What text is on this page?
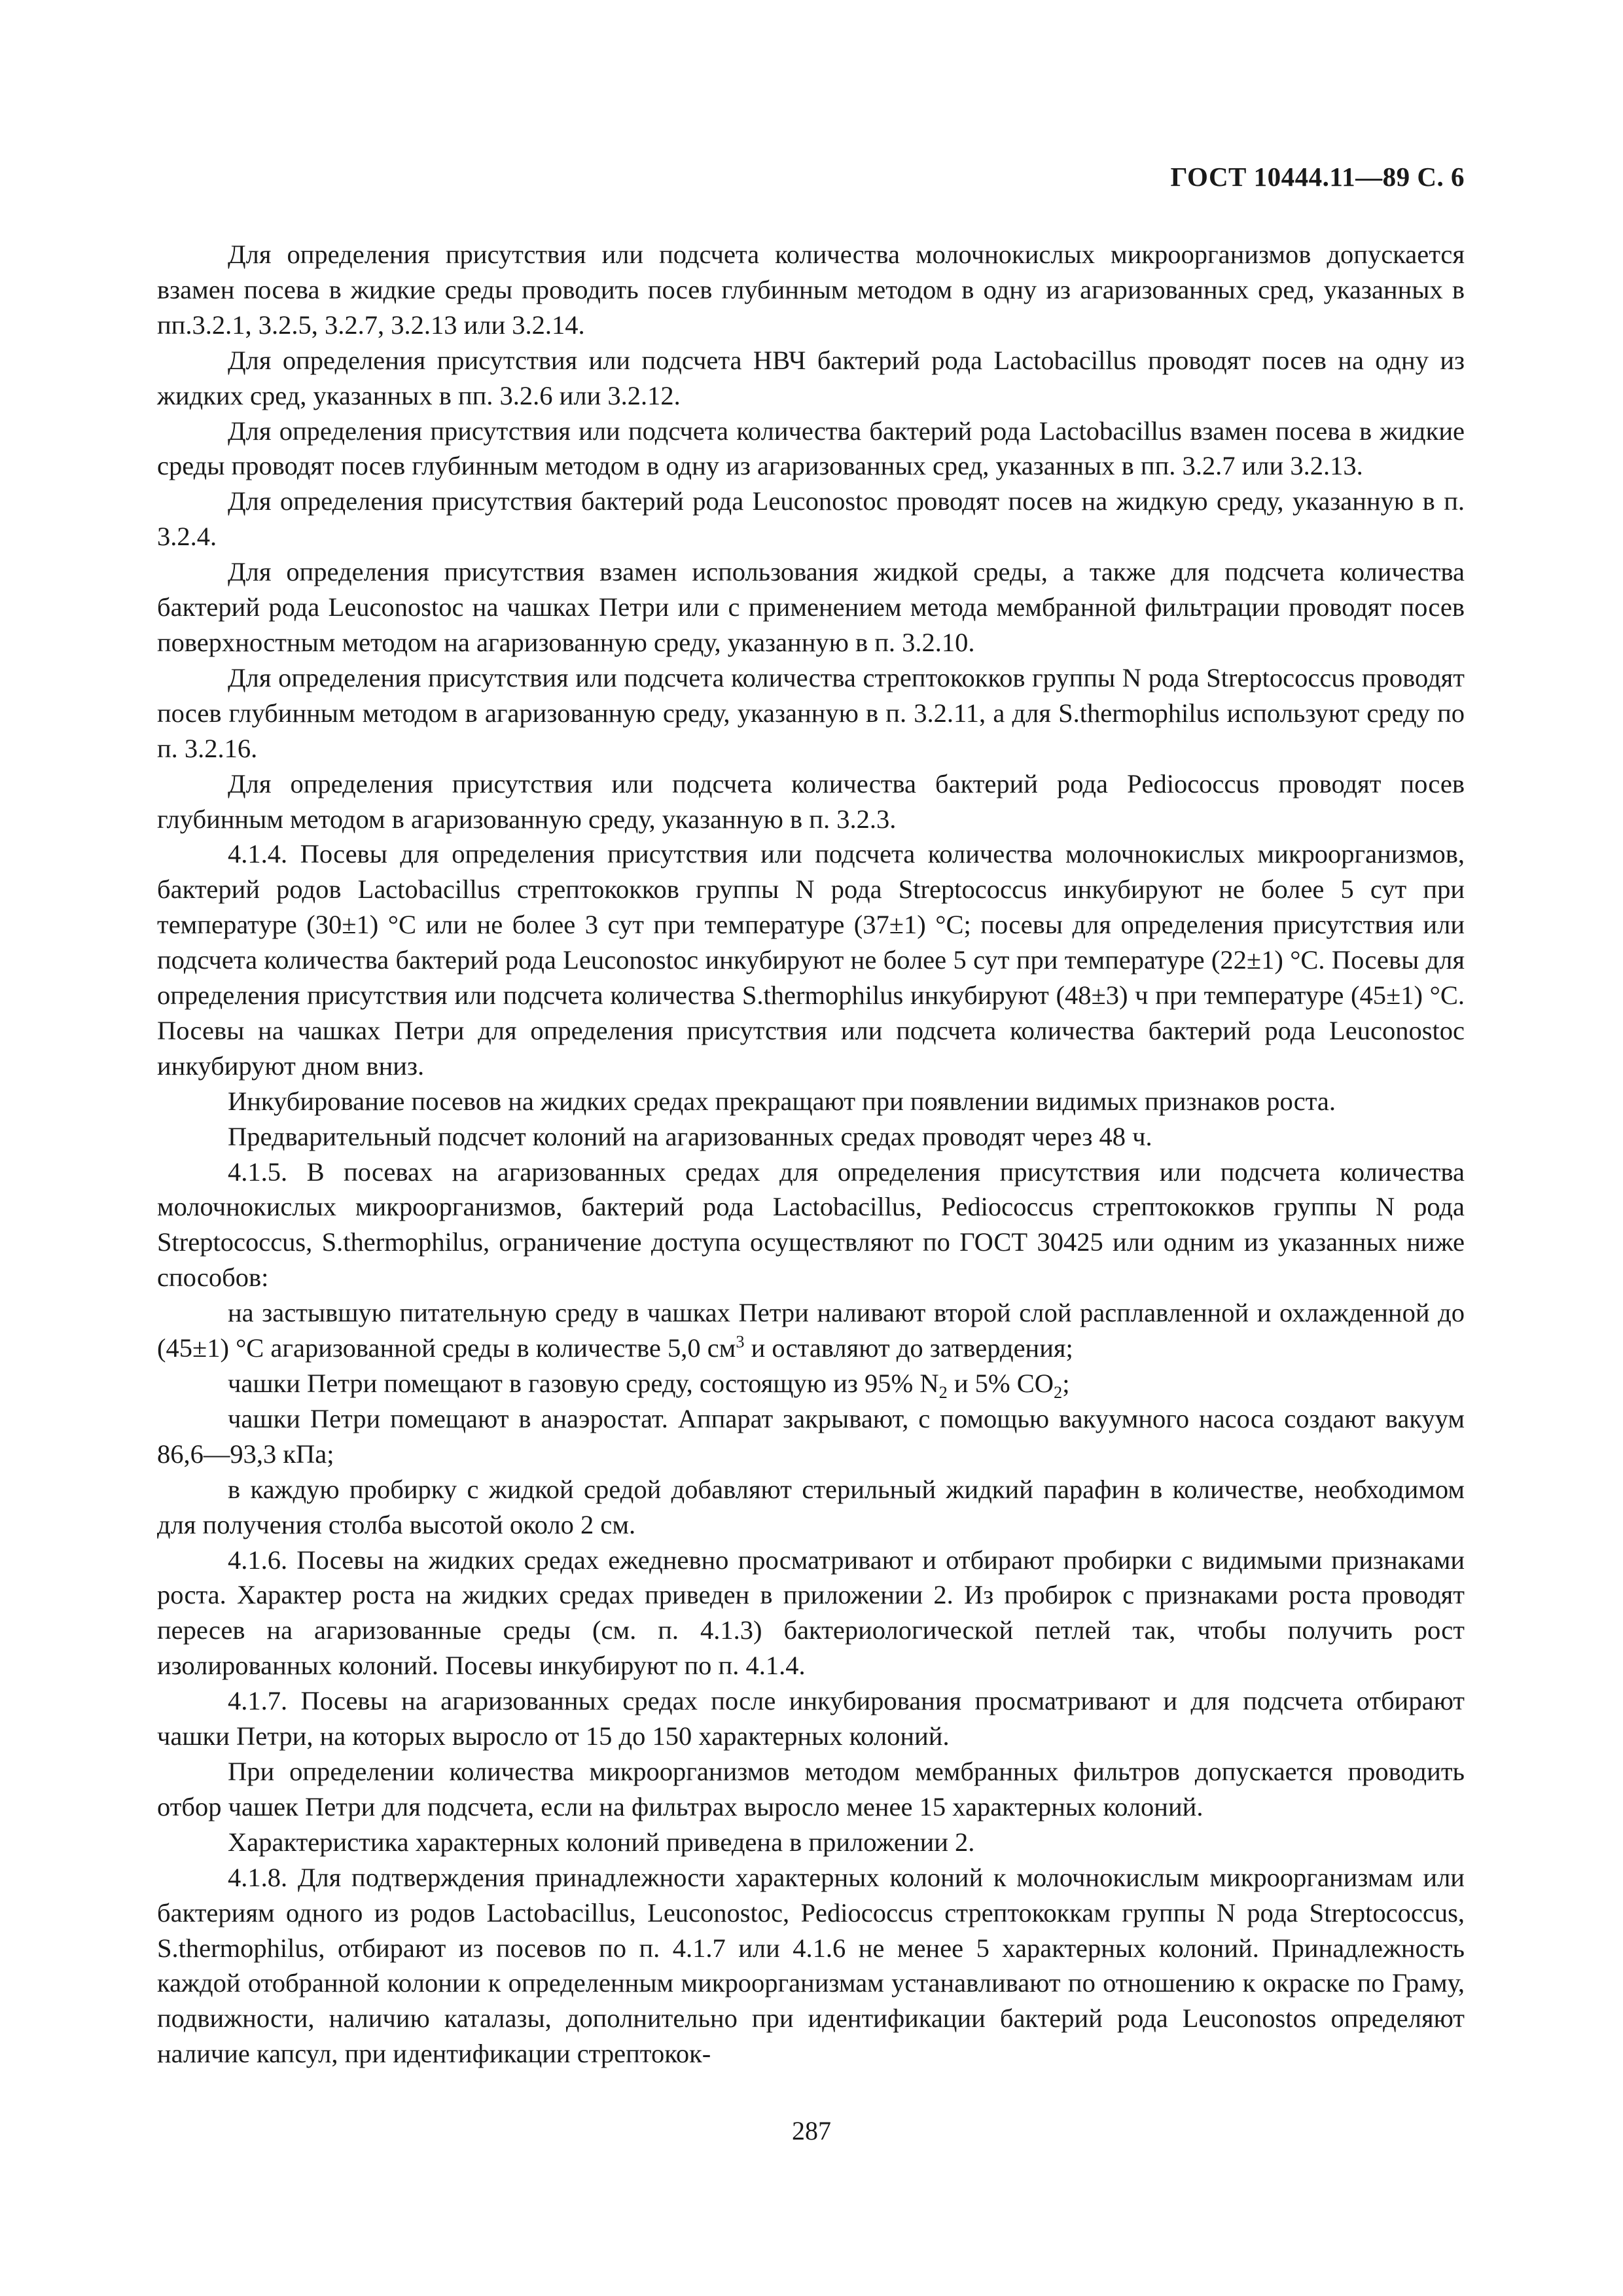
ГОСТ 10444.11—89 С. 6

Для определения присутствия или подсчета количества молочнокислых микроорганизмов допускается взамен посева в жидкие среды проводить посев глубинным методом в одну из агаризованных сред, указанных в пп.3.2.1, 3.2.5, 3.2.7, 3.2.13 или 3.2.14.

Для определения присутствия или подсчета НВЧ бактерий рода Lactobacillus проводят посев на одну из жидких сред, указанных в пп. 3.2.6 или 3.2.12.

Для определения присутствия или подсчета количества бактерий рода Lactobacillus взамен посева в жидкие среды проводят посев глубинным методом в одну из агаризованных сред, указанных в пп. 3.2.7 или 3.2.13.

Для определения присутствия бактерий рода Leuconostoc проводят посев на жидкую среду, указанную в п. 3.2.4.

Для определения присутствия взамен использования жидкой среды, а также для подсчета количества бактерий рода Leuconostoc на чашках Петри или с применением метода мембранной фильтрации проводят посев поверхностным методом на агаризованную среду, указанную в п. 3.2.10.

Для определения присутствия или подсчета количества стрептококков группы N рода Streptococcus проводят посев глубинным методом в агаризованную среду, указанную в п. 3.2.11, а для S.thermophilus используют среду по п. 3.2.16.

Для определения присутствия или подсчета количества бактерий рода Pediococcus проводят посев глубинным методом в агаризованную среду, указанную в п. 3.2.3.

4.1.4. Посевы для определения присутствия или подсчета количества молочнокислых микроорганизмов, бактерий родов Lactobacillus стрептококков группы N рода Streptococcus инкубируют не более 5 сут при температуре (30±1) °С или не более 3 сут при температуре (37±1) °С; посевы для определения присутствия или подсчета количества бактерий рода Leuconostoc инкубируют не более 5 сут при температуре (22±1) °С. Посевы для определения присутствия или подсчета количества S.thermophilus инкубируют (48±3) ч при температуре (45±1) °С. Посевы на чашках Петри для определения присутствия или подсчета количества бактерий рода Leuconostoc инкубируют дном вниз.

Инкубирование посевов на жидких средах прекращают при появлении видимых признаков роста.

Предварительный подсчет колоний на агаризованных средах проводят через 48 ч.

4.1.5. В посевах на агаризованных средах для определения присутствия или подсчета количества молочнокислых микроорганизмов, бактерий рода Lactobacillus, Pediococcus стрептококков группы N рода Streptococcus, S.thermophilus, ограничение доступа осуществляют по ГОСТ 30425 или одним из указанных ниже способов:

на застывшую питательную среду в чашках Петри наливают второй слой расплавленной и охлажденной до (45±1) °С агаризованной среды в количестве 5,0 $см^3$ и оставляют до затвердения;

чашки Петри помещают в газовую среду, состоящую из 95% $N_2$ и 5% $CO_2$;

чашки Петри помещают в анаэростат. Аппарат закрывают, с помощью вакуумного насоса создают вакуум 86,6—93,3 кПа;

в каждую пробирку с жидкой средой добавляют стерильный жидкий парафин в количестве, необходимом для получения столба высотой около 2 см.

4.1.6. Посевы на жидких средах ежедневно просматривают и отбирают пробирки с видимыми признаками роста. Характер роста на жидких средах приведен в приложении 2. Из пробирок с признаками роста проводят пересев на агаризованные среды (см. п. 4.1.3) бактериологической петлей так, чтобы получить рост изолированных колоний. Посевы инкубируют по п. 4.1.4.

4.1.7. Посевы на агаризованных средах после инкубирования просматривают и для подсчета отбирают чашки Петри, на которых выросло от 15 до 150 характерных колоний.

При определении количества микроорганизмов методом мембранных фильтров допускается проводить отбор чашек Петри для подсчета, если на фильтрах выросло менее 15 характерных колоний.

Характеристика характерных колоний приведена в приложении 2.

4.1.8. Для подтверждения принадлежности характерных колоний к молочнокислым микроорганизмам или бактериям одного из родов Lactobacillus, Leuconostoc, Pediococcus стрептококкам группы N рода Streptococcus, S.thermophilus, отбирают из посевов по п. 4.1.7 или 4.1.6 не менее 5 характерных колоний. Принадлежность каждой отобранной колонии к определенным микроорганизмам устанавливают по отношению к окраске по Граму, подвижности, наличию каталазы, дополнительно при идентификации бактерий рода Leuconostos определяют наличие капсул, при идентификации стрептокок-

287
